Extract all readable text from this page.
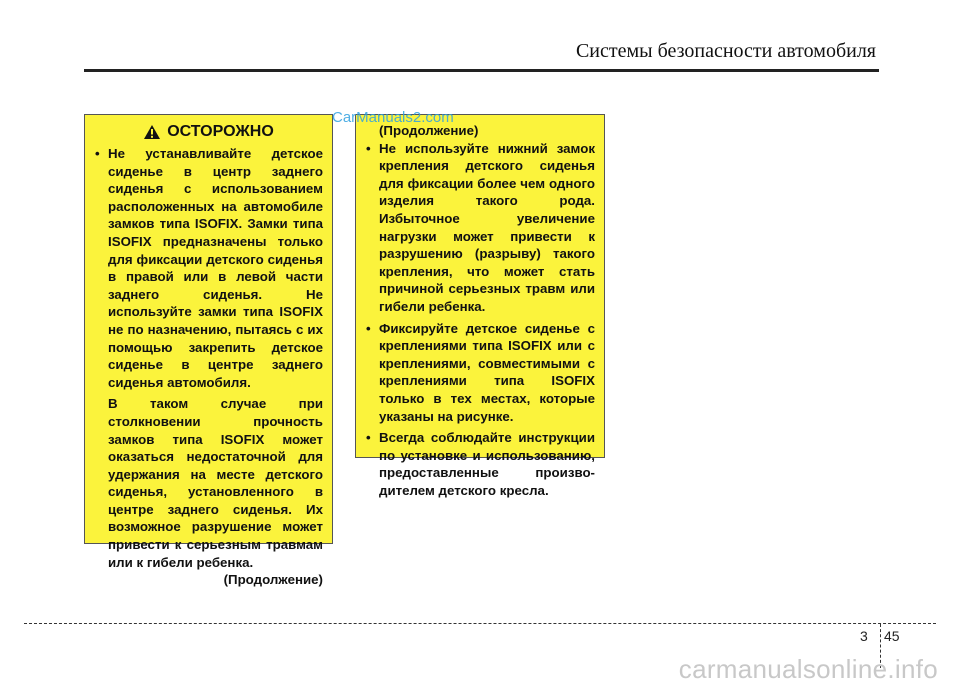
Системы безопасности автомобиля
ОСТОРОЖНО
• Не устанавливайте детское сиденье в центр заднего сиденья с использованием расположенных на автомобиле замков типа ISOFIX. Замки типа ISOFIX предназначены только для фиксации детского сиденья в правой или в левой части заднего сиденья. Не используйте замки типа ISOFIX не по назначению, пытаясь с их помощью закрепить детское сиденье в центре заднего сиденья автомобиля.
В таком случае при столкновении прочность замков типа ISOFIX может оказаться недостаточной для удержания на месте детского сиденья, установленного в центре заднего сиденья. Их возможное разрушение может привести к серьезным травмам или к гибели ребенка.
(Продолжение)
(Продолжение)
• Не используйте нижний замок крепления детского сиденья для фиксации более чем одного изделия такого рода. Избыточное увеличение нагрузки может привести к разрушению (разрыву) такого крепления, что может стать причиной серьезных травм или гибели ребенка.
• Фиксируйте детское сиденье с креплениями типа ISOFIX или с креплениями, совместимыми с креплениями типа ISOFIX только в тех местах, которые указаны на рисунке.
• Всегда соблюдайте инструкции по установке и использованию, предоставленные произво-дителем детского кресла.
CarManuals2.com
3 45
carmanualsonline.info
